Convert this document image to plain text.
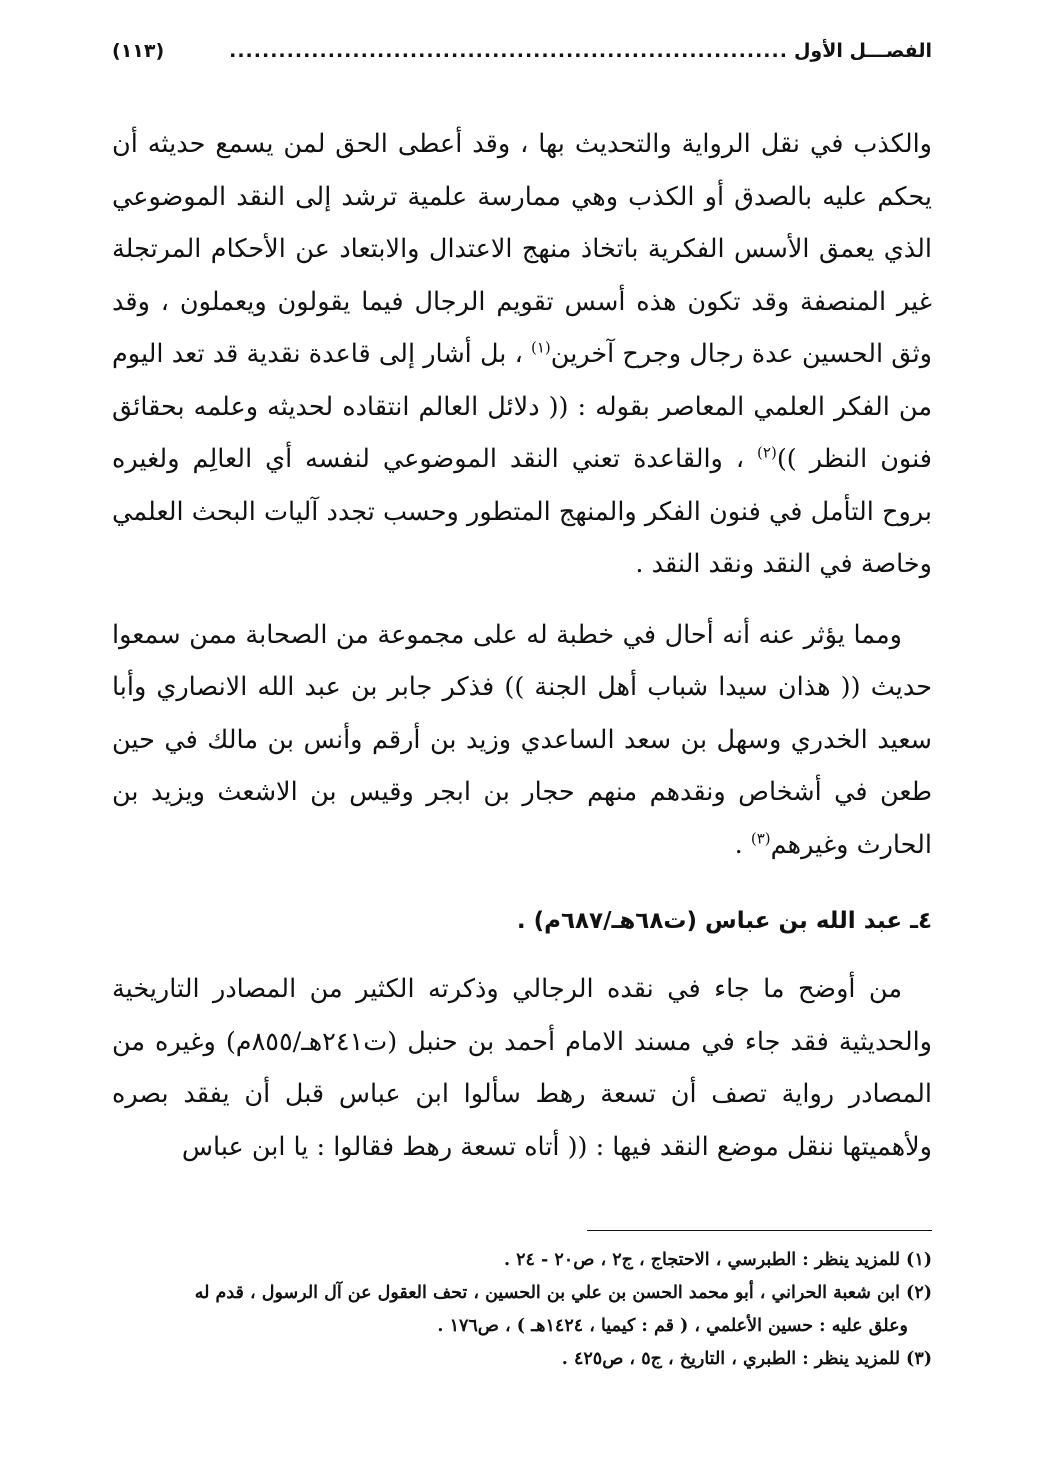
الفصـــل الأول
....................................................................
(١١٣)

والكذب في نقل الرواية والتحديث بها ، وقد أعطى الحق لمن يسمع حديثه أن يحكم عليه بالصدق أو الكذب وهي ممارسة علمية ترشد إلى النقد الموضوعي الذي يعمق الأسس الفكرية باتخاذ منهج الاعتدال والابتعاد عن الأحكام المرتجلة غير المنصفة وقد تكون هذه أسس تقويم الرجال فيما يقولون ويعملون ، وقد وثق الحسين عدة رجال وجرح آخرين$^{(١)}$ ، بل أشار إلى قاعدة نقدية قد تعد اليوم من الفكر العلمي المعاصر بقوله : (( دلائل العالم انتقاده لحديثه وعلمه بحقائق فنون النظر ))$^{(٢)}$ ، والقاعدة تعني النقد الموضوعي لنفسه أي العالِم ولغيره بروح التأمل في فنون الفكر والمنهج المتطور وحسب تجدد آليات البحث العلمي وخاصة في النقد ونقد النقد .

ومما يؤثر عنه أنه أحال في خطبة له على مجموعة من الصحابة ممن سمعوا حديث (( هذان سيدا شباب أهل الجنة )) فذكر جابر بن عبد الله الانصاري وأبا سعيد الخدري وسهل بن سعد الساعدي وزيد بن أرقم وأنس بن مالك في حين طعن في أشخاص ونقدهم منهم حجار بن ابجر وقيس بن الاشعث ويزيد بن الحارث وغيرهم$^{(٣)}$ .

٤ـ عبد الله بن عباس (ت٦٨هـ/٦٨٧م) .

من أوضح ما جاء في نقده الرجالي وذكرته الكثير من المصادر التاريخية والحديثية فقد جاء في مسند الامام أحمد بن حنبل (ت٢٤١هـ/٨٥٥م) وغيره من المصادر رواية تصف أن تسعة رهط سألوا ابن عباس قبل أن يفقد بصره ولأهميتها ننقل موضع النقد فيها : (( أتاه تسعة رهط فقالوا : يا ابن عباس

(١)للمزيد ينظر : الطبرسي ، الاحتجاج ، ج٢ ، ص٢٠ - ٢٤ .

(٢)ابن شعبة الحراني ، أبو محمد الحسن بن علي بن الحسين ، تحف العقول عن آل الرسول ، قدم له
وعلق عليه : حسين الأعلمي ، ( قم : كيميا ، ١٤٢٤هـ ) ، ص١٧٦ .

(٣)للمزيد ينظر : الطبري ، التاريخ ، ج٥ ، ص٤٢٥ .
